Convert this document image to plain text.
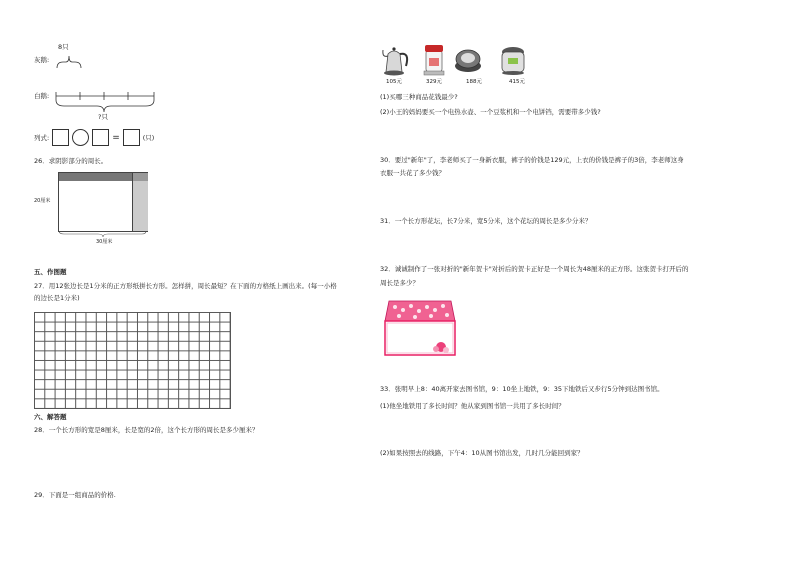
8只
灰鹅:
白鹅:
?只
列式:	=	(只)
26．求阴影部分的周长。
20厘米
30厘米
五、作图题
27．用12张边长是1分米的正方形纸拼长方形。怎样拼，周长最短？在下面的方格纸上画出来。(每一小格
的边长是1分米)
六、解答题
28．一个长方形的宽是8厘米，长是宽的2倍，这个长方形的周长是多少厘米？
29．下面是一组商品的价格.
105元	329元	188元	415元
(1)买哪三种商品花钱最少?
(2)小王的妈妈要买一个电热水壶、一个豆浆机和一个电饼铛，需要带多少钱?
30．要过"新年"了，李老师买了一身新衣服，裤子的价钱是129元，上衣的价钱是裤子的3倍，李老师这身
衣服一共花了多少钱？
31．一个长方形花坛，长7分米，宽5分米，这个花坛的周长是多少分米？
32．诚诚制作了一张对折的"新年贺卡"对折后的贺卡正好是一个周长为48厘米的正方形。这张贺卡打开后的
周长是多少？
33．张明早上8：40离开家去图书馆，9：10坐上地铁，9：35下地铁后又步行5分钟到达图书馆。
(1)他坐地铁用了多长时间？他从家到图书馆一共用了多长时间？
(2)如果按照去的线路，下午4：10从图书馆出发，几时几分能回到家？
